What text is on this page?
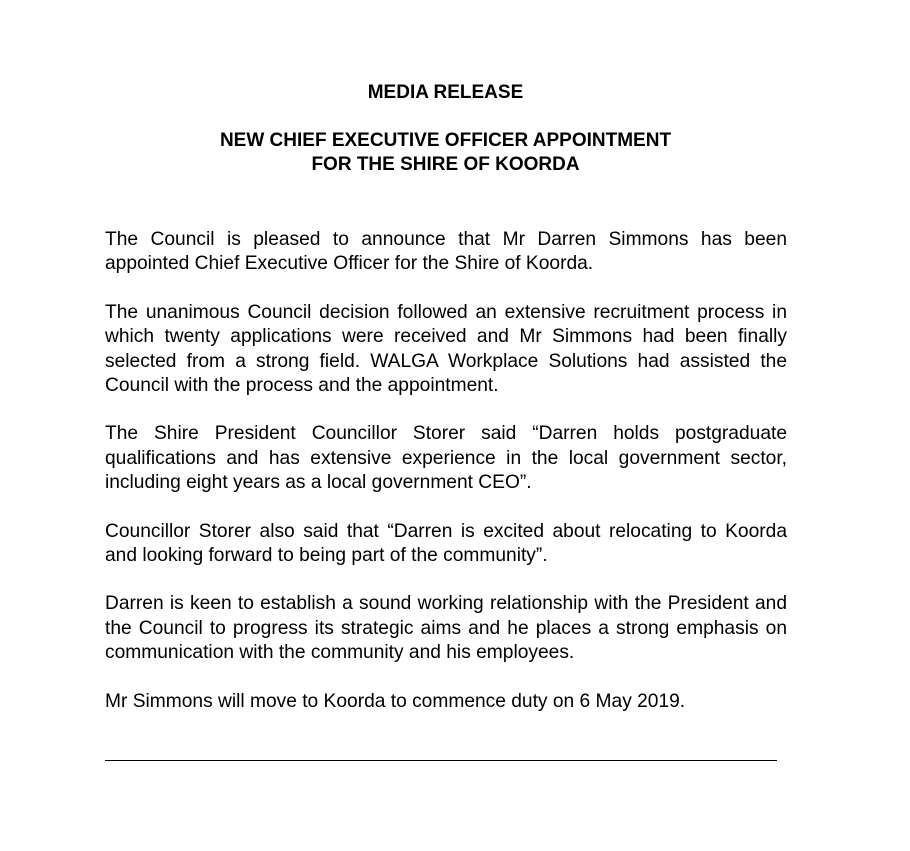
MEDIA RELEASE
NEW CHIEF EXECUTIVE OFFICER APPOINTMENT
FOR THE SHIRE OF KOORDA

The Council is pleased to announce that Mr Darren Simmons has been appointed Chief Executive Officer for the Shire of Koorda.

The unanimous Council decision followed an extensive recruitment process in which twenty applications were received and Mr Simmons had been finally selected from a strong field. WALGA Workplace Solutions had assisted the Council with the process and the appointment.

The Shire President Councillor Storer said “Darren holds postgraduate qualifications and has extensive experience in the local government sector, including eight years as a local government CEO”.

Councillor Storer also said that “Darren is excited about relocating to Koorda and looking forward to being part of the community”.

Darren is keen to establish a sound working relationship with the President and the Council to progress its strategic aims and he places a strong emphasis on communication with the community and his employees.

Mr Simmons will move to Koorda to commence duty on 6 May 2019.
